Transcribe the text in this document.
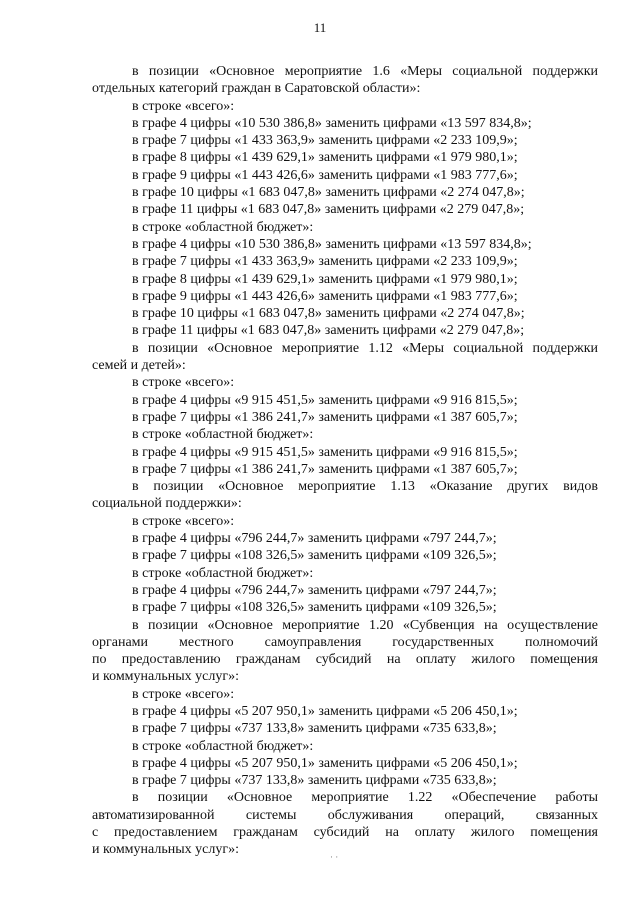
11
в позиции «Основное мероприятие 1.6 «Меры социальной поддержки
отдельных категорий граждан в Саратовской области»:
в строке «всего»:
в графе 4 цифры «10 530 386,8» заменить цифрами «13 597 834,8»;
в графе 7 цифры «1 433 363,9» заменить цифрами «2 233 109,9»;
в графе 8 цифры «1 439 629,1» заменить цифрами «1 979 980,1»;
в графе 9 цифры «1 443 426,6» заменить цифрами «1 983 777,6»;
в графе 10 цифры «1 683 047,8» заменить цифрами «2 274 047,8»;
в графе 11 цифры «1 683 047,8» заменить цифрами «2 279 047,8»;
в строке «областной бюджет»:
в графе 4 цифры «10 530 386,8» заменить цифрами «13 597 834,8»;
в графе 7 цифры «1 433 363,9» заменить цифрами «2 233 109,9»;
в графе 8 цифры «1 439 629,1» заменить цифрами «1 979 980,1»;
в графе 9 цифры «1 443 426,6» заменить цифрами «1 983 777,6»;
в графе 10 цифры «1 683 047,8» заменить цифрами «2 274 047,8»;
в графе 11 цифры «1 683 047,8» заменить цифрами «2 279 047,8»;
в позиции «Основное мероприятие 1.12 «Меры социальной поддержки
семей и детей»:
в строке «всего»:
в графе 4 цифры «9 915 451,5» заменить цифрами «9 916 815,5»;
в графе 7 цифры «1 386 241,7» заменить цифрами «1 387 605,7»;
в строке «областной бюджет»:
в графе 4 цифры «9 915 451,5» заменить цифрами «9 916 815,5»;
в графе 7 цифры «1 386 241,7» заменить цифрами «1 387 605,7»;
в позиции «Основное мероприятие 1.13 «Оказание других видов
социальной поддержки»:
в строке «всего»:
в графе 4 цифры «796 244,7» заменить цифрами «797 244,7»;
в графе 7 цифры «108 326,5» заменить цифрами «109 326,5»;
в строке «областной бюджет»:
в графе 4 цифры «796 244,7» заменить цифрами «797 244,7»;
в графе 7 цифры «108 326,5» заменить цифрами «109 326,5»;
в позиции «Основное мероприятие 1.20 «Субвенция на осуществление
органами местного самоуправления государственных полномочий
по предоставлению гражданам субсидий на оплату жилого помещения
и коммунальных услуг»:
в строке «всего»:
в графе 4 цифры «5 207 950,1» заменить цифрами «5 206 450,1»;
в графе 7 цифры «737 133,8» заменить цифрами «735 633,8»;
в строке «областной бюджет»:
в графе 4 цифры «5 207 950,1» заменить цифрами «5 206 450,1»;
в графе 7 цифры «737 133,8» заменить цифрами «735 633,8»;
в позиции «Основное мероприятие 1.22 «Обеспечение работы
автоматизированной системы обслуживания операций, связанных
с предоставлением гражданам субсидий на оплату жилого помещения
и коммунальных услуг»:	· ·
